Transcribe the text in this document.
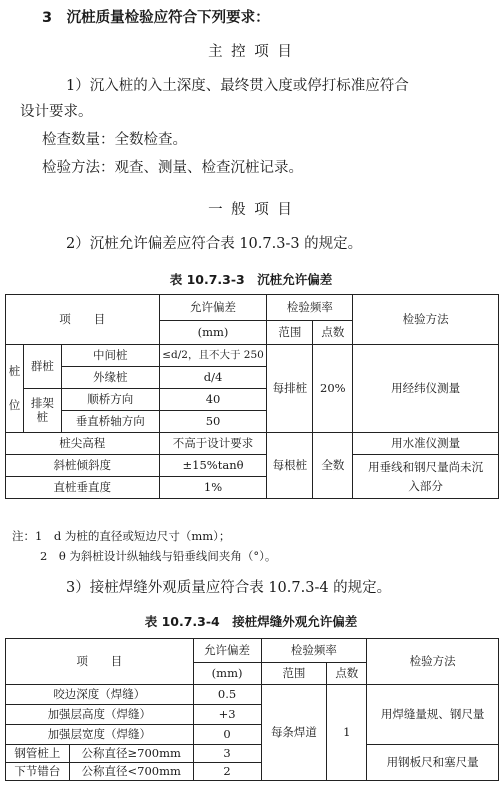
3　沉桩质量检验应符合下列要求：
主 控 项 目
1）沉入桩的入土深度、最终贯入度或停打标准应符合
设计要求。
检查数量：全数检查。
检验方法：观查、测量、检查沉桩记录。
一 般 项 目
2）沉桩允许偏差应符合表 10.7.3-3 的规定。
表 10.7.3-3　沉桩允许偏差
项　　目			允许偏差	检验频率		检验方法
			(mm)	范围	点数	

桩
位	群桩	中间桩	≤d/2，且不大于 250	每排桩	20%	用经纬仪测量
		外缘桩	d/4			
	排架桩	顺桥方向	40			
		垂直桥轴方向	50			
桩尖高程			不高于设计要求	每根桩	全数	用水准仪测量
斜桩倾斜度			±15%tanθ			用垂线和钢尺量尚未沉入部分
直桩垂直度			1%			
注：1　d 为桩的直径或短边尺寸（mm）；
2　θ 为斜桩设计纵轴线与铅垂线间夹角（°）。
3）接桩焊缝外观质量应符合表 10.7.3-4 的规定。
表 10.7.3-4　接桩焊缝外观允许偏差
项　　目		允许偏差	检验频率		检验方法
		(mm)	范围	点数	
咬边深度（焊缝）		0.5	每条焊道	1	用焊缝量规、钢尺量
加强层高度（焊缝）		+3			
加强层宽度（焊缝）		0			
钢管桩上	公称直径≥700mm	3			用钢板尺和塞尺量
下节错台	公称直径<700mm	2			
